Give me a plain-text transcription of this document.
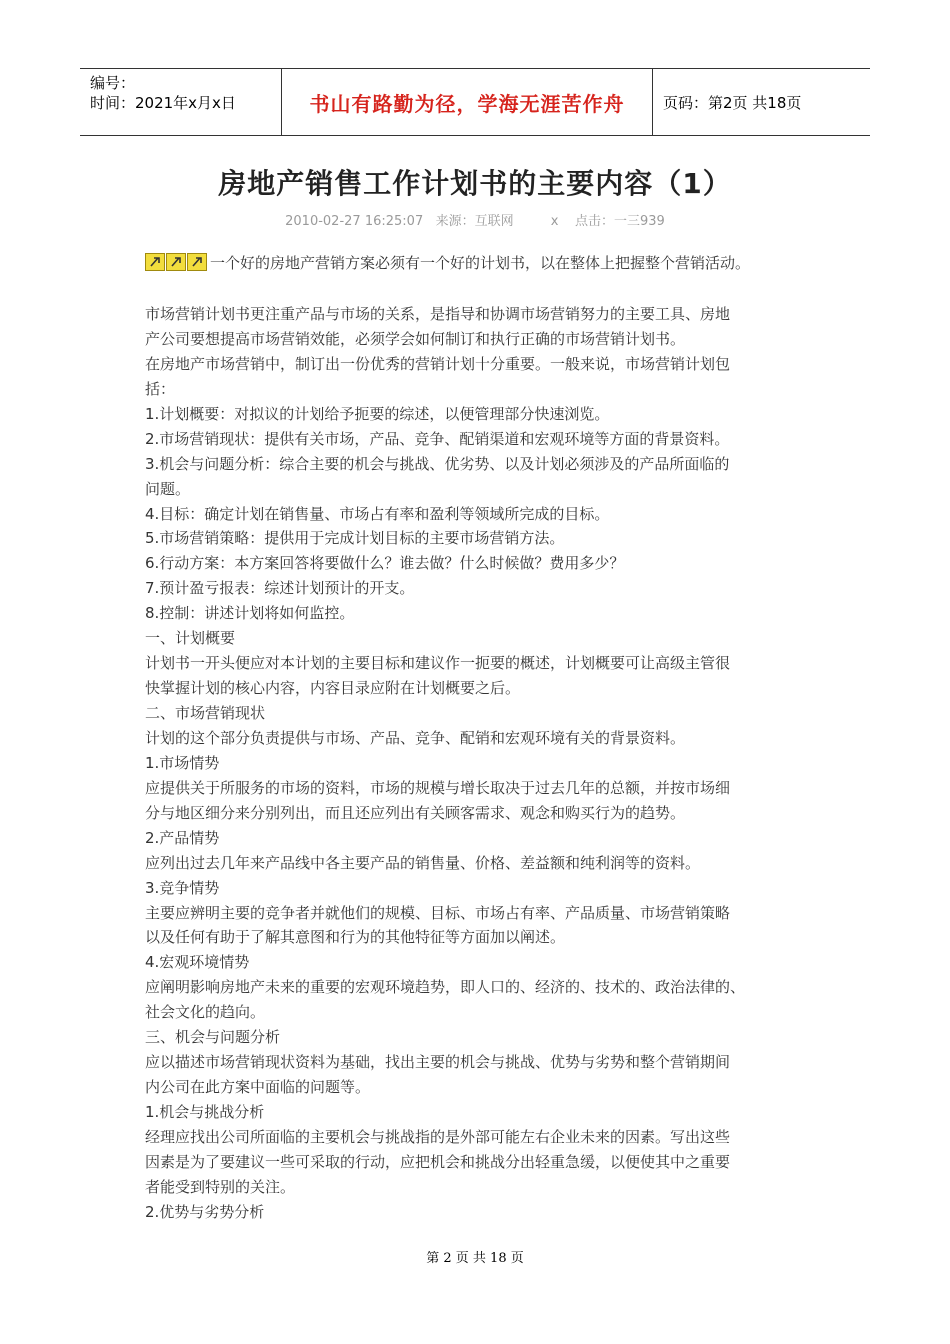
编号：
时间：2021年x月x日	书山有路勤为径，学海无涯苦作舟	页码：第2页 共18页
房地产销售工作计划书的主要内容（1）
2010-02-27 16:25:07   来源：互联网         x    点击：一三939
一个好的房地产营销方案必须有一个好的计划书，以在整体上把握整个营销活动。
市场营销计划书更注重产品与市场的关系，是指导和协调市场营销努力的主要工具、房地
产公司要想提高市场营销效能，必须学会如何制订和执行正确的市场营销计划书。
在房地产市场营销中，制订出一份优秀的营销计划十分重要。一般来说，市场营销计划包
括：
1.计划概要：对拟议的计划给予扼要的综述，以便管理部分快速浏览。
2.市场营销现状：提供有关市场，产品、竞争、配销渠道和宏观环境等方面的背景资料。
3.机会与问题分析：综合主要的机会与挑战、优劣势、以及计划必须涉及的产品所面临的
问题。
4.目标：确定计划在销售量、市场占有率和盈利等领域所完成的目标。
5.市场营销策略：提供用于完成计划目标的主要市场营销方法。
6.行动方案：本方案回答将要做什么？谁去做？什么时候做？费用多少？
7.预计盈亏报表：综述计划预计的开支。
8.控制：讲述计划将如何监控。
一、计划概要
计划书一开头便应对本计划的主要目标和建议作一扼要的概述，计划概要可让高级主管很
快掌握计划的核心内容，内容目录应附在计划概要之后。
二、市场营销现状
计划的这个部分负责提供与市场、产品、竞争、配销和宏观环境有关的背景资料。
1.市场情势
应提供关于所服务的市场的资料，市场的规模与增长取决于过去几年的总额，并按市场细
分与地区细分来分别列出，而且还应列出有关顾客需求、观念和购买行为的趋势。
2.产品情势
应列出过去几年来产品线中各主要产品的销售量、价格、差益额和纯利润等的资料。
3.竞争情势
主要应辨明主要的竞争者并就他们的规模、目标、市场占有率、产品质量、市场营销策略
以及任何有助于了解其意图和行为的其他特征等方面加以阐述。
4.宏观环境情势
应阐明影响房地产未来的重要的宏观环境趋势，即人口的、经济的、技术的、政治法律的、
社会文化的趋向。
三、机会与问题分析
应以描述市场营销现状资料为基础，找出主要的机会与挑战、优势与劣势和整个营销期间
内公司在此方案中面临的问题等。
1.机会与挑战分析
经理应找出公司所面临的主要机会与挑战指的是外部可能左右企业未来的因素。写出这些
因素是为了要建议一些可采取的行动，应把机会和挑战分出轻重急缓，以便使其中之重要
者能受到特别的关注。
2.优势与劣势分析
第 2 页 共 18 页
